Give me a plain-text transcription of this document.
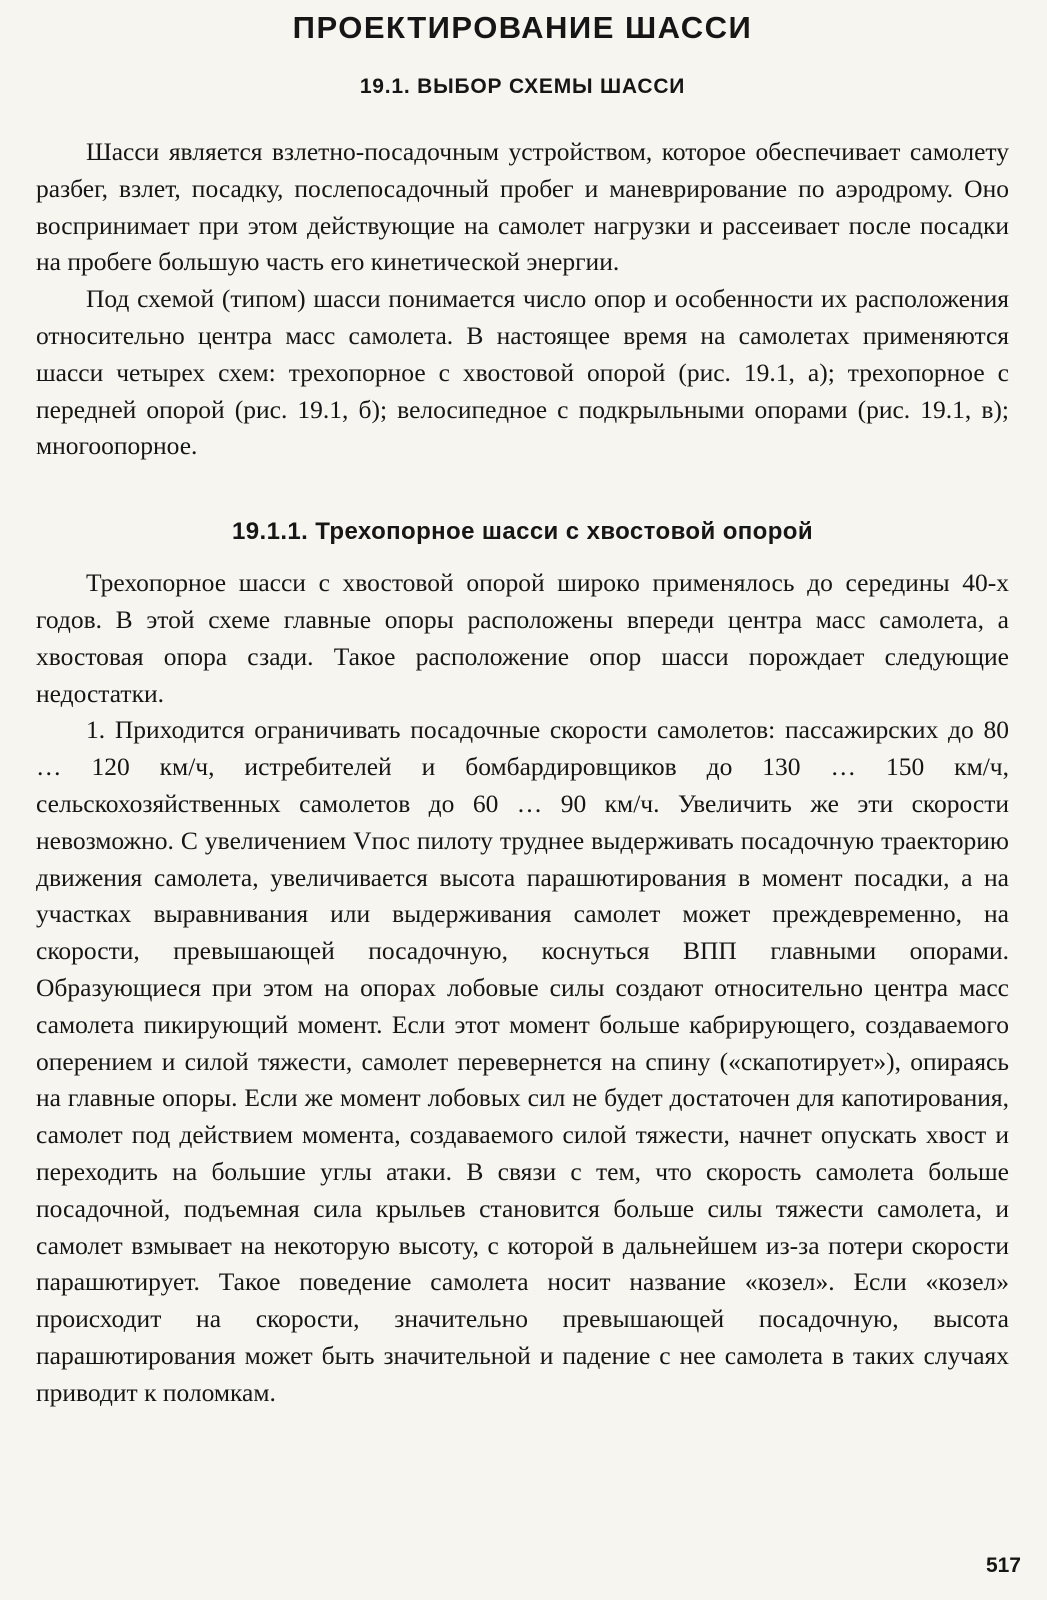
ПРОЕКТИРОВАНИЕ ШАССИ
19.1. ВЫБОР СХЕМЫ ШАССИ

Шасси является взлетно-посадочным устройством, которое обеспечивает самолету разбег, взлет, посадку, послепосадочный пробег и маневрирование по аэродрому. Оно воспринимает при этом действующие на самолет нагрузки и рассеивает после посадки на пробеге большую часть его кинетической энергии.

Под схемой (типом) шасси понимается число опор и особенности их расположения относительно центра масс самолета. В настоящее время на самолетах применяются шасси четырех схем: трехопорное с хвостовой опорой (рис. 19.1, а); трехопорное с передней опорой (рис. 19.1, б); велосипедное с подкрыльными опорами (рис. 19.1, в); многоопорное.

19.1.1. Трехопорное шасси с хвостовой опорой

Трехопорное шасси с хвостовой опорой широко применялось до середины 40-х годов. В этой схеме главные опоры расположены впереди центра масс самолета, а хвостовая опора сзади. Такое расположение опор шасси порождает следующие недостатки.

1. Приходится ограничивать посадочные скорости самолетов: пассажирских до 80 … 120 км/ч, истребителей и бомбардировщиков до 130 … 150 км/ч, сельскохозяйственных самолетов до 60 … 90 км/ч. Увеличить же эти скорости невозможно. С увеличением Vпос пилоту труднее выдерживать посадочную траекторию движения самолета, увеличивается высота парашютирования в момент посадки, а на участках выравнивания или выдерживания самолет может преждевременно, на скорости, превышающей посадочную, коснуться ВПП главными опорами. Образующиеся при этом на опорах лобовые силы создают относительно центра масс самолета пикирующий момент. Если этот момент больше кабрирующего, создаваемого оперением и силой тяжести, самолет перевернется на спину («скапотирует»), опираясь на главные опоры. Если же момент лобовых сил не будет достаточен для капотирования, самолет под действием момента, создаваемого силой тяжести, начнет опускать хвост и переходить на большие углы атаки. В связи с тем, что скорость самолета больше посадочной, подъемная сила крыльев становится больше силы тяжести самолета, и самолет взмывает на некоторую высоту, с которой в дальнейшем из-за потери скорости парашютирует. Такое поведение самолета носит название «козел». Если «козел» происходит на скорости, значительно превышающей посадочную, высота парашютирования может быть значительной и падение с нее самолета в таких случаях приводит к поломкам.

517
